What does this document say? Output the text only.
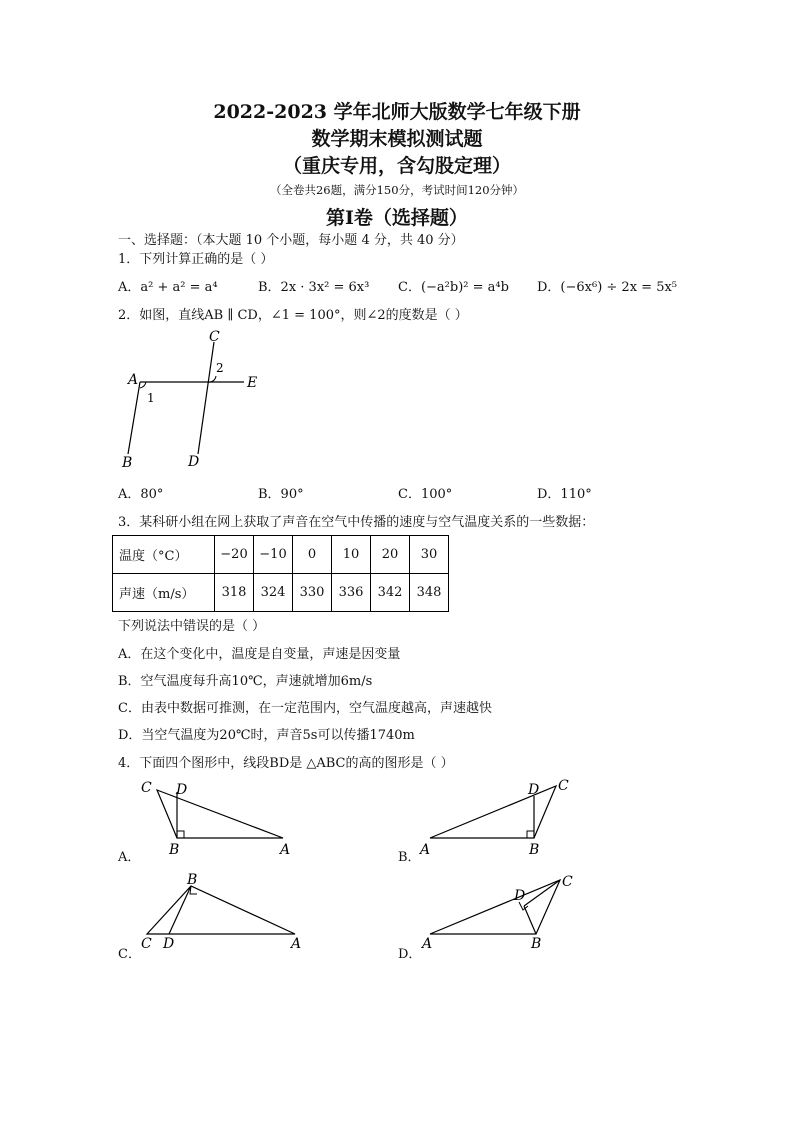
2022-2023 学年北师大版数学七年级下册
数学期末模拟测试题
（重庆专用，含勾股定理）
（全卷共26题，满分150分，考试时间120分钟）
第Ⅰ卷（选择题）
一、选择题：（本大题 10 个小题，每小题 4 分，共 40 分）
1．下列计算正确的是（ ）
A．a² + a² = a⁴	B．2x · 3x² = 6x³ C．(−a²b)² = a⁴b D．(−6x⁶) ÷ 2x = 5x⁵
2．如图，直线AB ∥ CD，∠1 = 100°，则∠2的度数是（ ）
A
B
C
D
E
1
2
A．80°	B．90°	C．100°	D．110°
3．某科研小组在网上获取了声音在空气中传播的速度与空气温度关系的一些数据：
温度（°C）	−20	−10	0	10	20	30
声速（m/s）	318	324	330	336	342	348
下列说法中错误的是（ ）
A．在这个变化中，温度是自变量，声速是因变量
B．空气温度每升高10℃，声速就增加6m/s
C．由表中数据可推测，在一定范围内，空气温度越高，声速越快
D．当空气温度为20℃时，声音5s可以传播1740m
4．下面四个图形中，线段BD是 △ABC的高的图形是（ ）
A．
C D
B	A	B． A	B
C
D
C．
B
C D	A
D．
A	B
C
D
